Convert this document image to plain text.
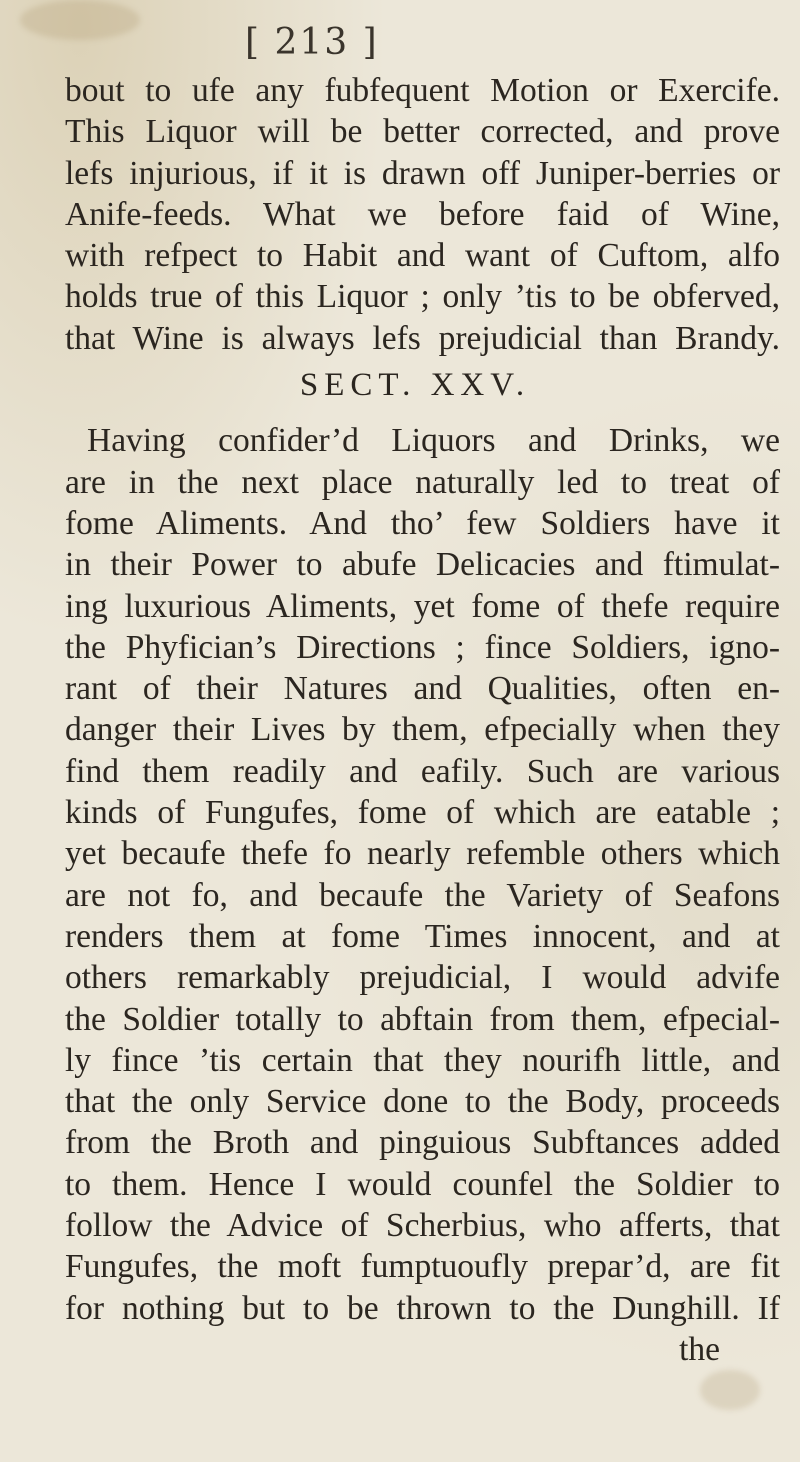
[ 213 ]
bout to ufe any fubfequent Motion or Exercife.
This Liquor will be better corrected, and prove
lefs injurious, if it is drawn off Juniper-berries or
Anife-feeds. What we before faid of Wine,
with refpect to Habit and want of Cuftom, alfo
holds true of this Liquor ; only ’tis to be obferved,
that Wine is always lefs prejudicial than Brandy.
SECT. XXV.
Having confider’d Liquors and Drinks, we
are in the next place naturally led to treat of
fome Aliments. And tho’ few Soldiers have it
in their Power to abufe Delicacies and ftimulat-
ing luxurious Aliments, yet fome of thefe require
the Phyfician’s Directions ; fince Soldiers, igno-
rant of their Natures and Qualities, often en-
danger their Lives by them, efpecially when they
find them readily and eafily. Such are various
kinds of Fungufes, fome of which are eatable ;
yet becaufe thefe fo nearly refemble others which
are not fo, and becaufe the Variety of Seafons
renders them at fome Times innocent, and at
others remarkably prejudicial, I would advife
the Soldier totally to abftain from them, efpecial-
ly fince ’tis certain that they nourifh little, and
that the only Service done to the Body, proceeds
from the Broth and pinguious Subftances added
to them. Hence I would counfel the Soldier to
follow the Advice of Scherbius, who afferts, that
Fungufes, the moft fumptuoufly prepar’d, are fit
for nothing but to be thrown to the Dunghill. If
the
